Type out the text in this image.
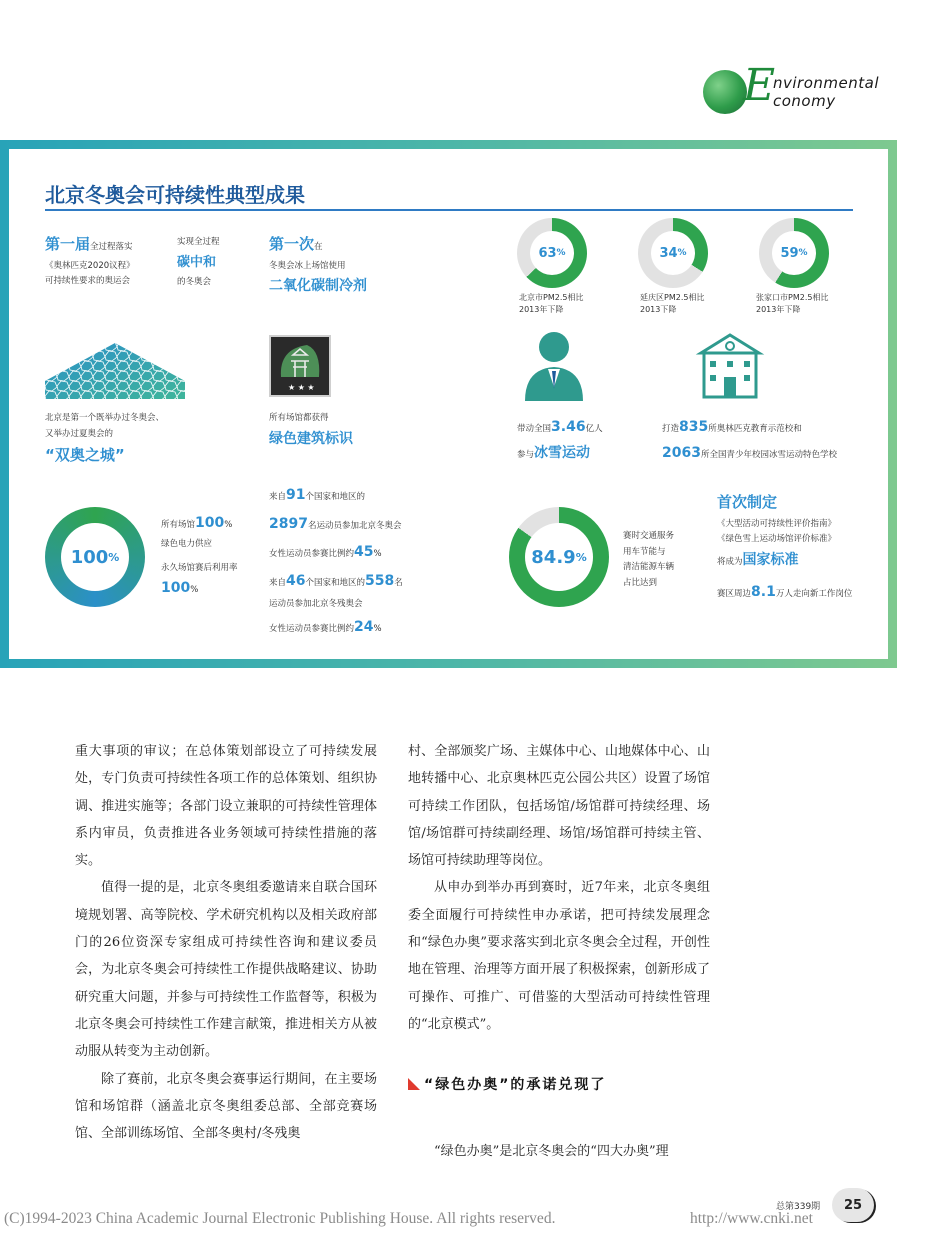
E
nvironmental
conomy
北京冬奥会可持续性典型成果
第一届全过程落实
《奥林匹克2020议程》
可持续性要求的奥运会
实现全过程
碳中和
的冬奥会
第一次在
冬奥会冰上场馆使用
二氧化碳制冷剂
63 %
北京市PM2.5相比
2013年下降
34 %
延庆区PM2.5相比
2013下降
59 %
张家口市PM2.5相比
2013年下降
北京是第一个既举办过冬奥会、
又举办过夏奥会的
“双奥之城”
★ ★ ★
所有场馆都获得
绿色建筑标识
带动全国3.46亿人
参与冰雪运动
打造835所奥林匹克教育示范校和
2063所全国青少年校园冰雪运动特色学校
100 %
所有场馆100%
绿色电力供应
永久场馆赛后利用率
100%
来自91个国家和地区的
2897名运动员参加北京冬奥会
女性运动员参赛比例约45%
来自46个国家和地区的558名
运动员参加北京冬残奥会
女性运动员参赛比例约24%
84.9 %
赛时交通服务
用车节能与
清洁能源车辆
占比达到
首次制定
《大型活动可持续性评价指南》
《绿色雪上运动场馆评价标准》
将成为国家标准
赛区周边8.1万人走向新工作岗位

重大事项的审议；在总体策划部设立了可持续发展处，专门负责可持续性各项工作的总体策划、组织协调、推进实施等；各部门设立兼职的可持续性管理体系内审员，负责推进各业务领域可持续性措施的落实。

值得一提的是，北京冬奥组委邀请来自联合国环境规划署、高等院校、学术研究机构以及相关政府部门的26位资深专家组成可持续性咨询和建议委员会，为北京冬奥会可持续性工作提供战略建议、协助研究重大问题，并参与可持续性工作监督等，积极为北京冬奥会可持续性工作建言献策，推进相关方从被动服从转变为主动创新。

除了赛前，北京冬奥会赛事运行期间，在主要场馆和场馆群（涵盖北京冬奥组委总部、全部竞赛场馆、全部训练场馆、全部冬奥村/冬残奥

村、全部颁奖广场、主媒体中心、山地媒体中心、山地转播中心、北京奥林匹克公园公共区）设置了场馆可持续工作团队，包括场馆/场馆群可持续经理、场馆/场馆群可持续副经理、场馆/场馆群可持续主管、场馆可持续助理等岗位。

从申办到举办再到赛时，近7年来，北京冬奥组委全面履行可持续性申办承诺，把可持续发展理念和“绿色办奥”要求落实到北京冬奥会全过程，开创性地在管理、治理等方面开展了积极探索，创新形成了可操作、可推广、可借鉴的大型活动可持续性管理的“北京模式”。

“绿色办奥”的承诺兑现了

“绿色办奥”是北京冬奥会的“四大办奥”理

总第339期	25
(C)1994-2023 China Academic Journal Electronic Publishing House. All rights reserved.	http://www.cnki.net
